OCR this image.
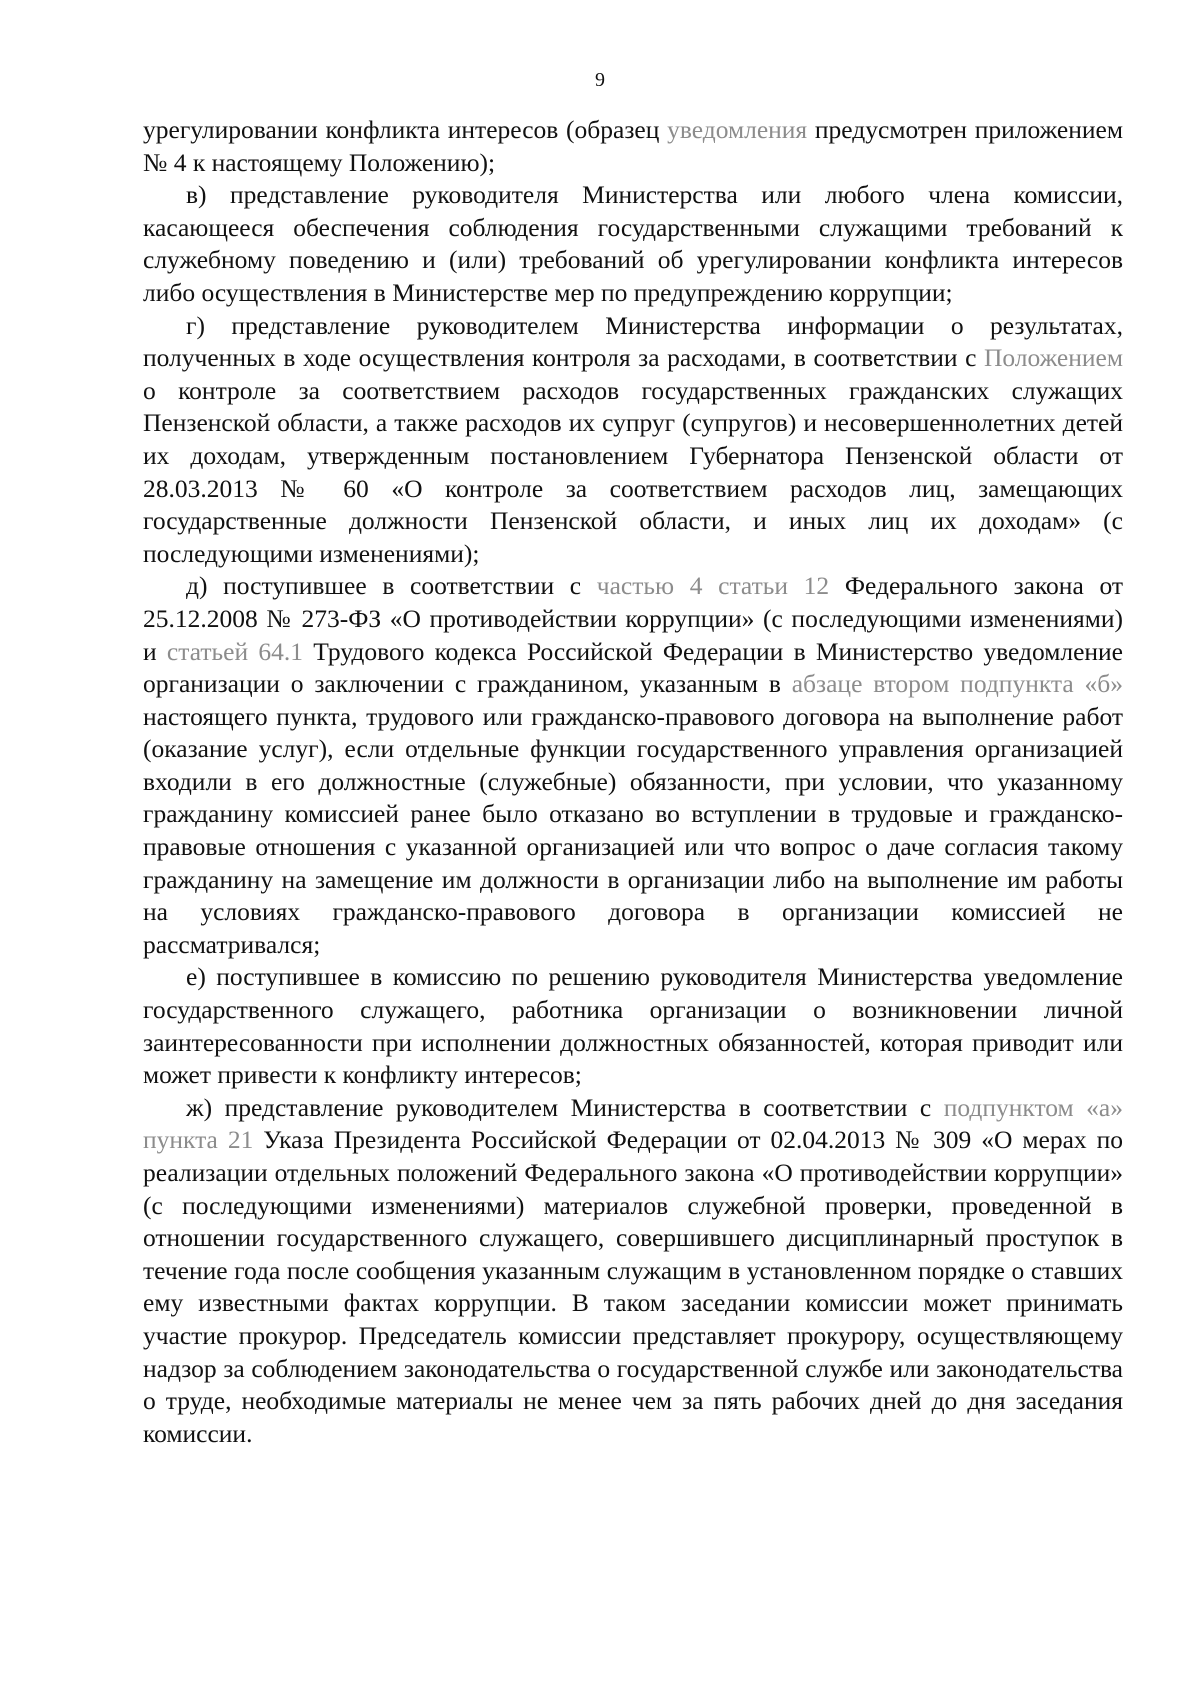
9

урегулировании конфликта интересов (образец уведомления предусмотрен приложением № 4 к настоящему Положению);

в) представление руководителя Министерства или любого члена комиссии, касающееся обеспечения соблюдения государственными служащими требований к служебному поведению и (или) требований об урегулировании конфликта интересов либо осуществления в Министерстве мер по предупреждению коррупции;

г) представление руководителем Министерства информации о результатах, полученных в ходе осуществления контроля за расходами, в соответствии с Положением о контроле за соответствием расходов государственных гражданских служащих Пензенской области, а также расходов их супруг (супругов) и несовершеннолетних детей их доходам, утвержденным постановлением Губернатора Пензенской области от 28.03.2013 № 60 «О контроле за соответствием расходов лиц, замещающих государственные должности Пензенской области, и иных лиц их доходам» (с последующими изменениями);

д) поступившее в соответствии с частью 4 статьи 12 Федерального закона от 25.12.2008 № 273-ФЗ «О противодействии коррупции» (с последующими изменениями) и статьей 64.1 Трудового кодекса Российской Федерации в Министерство уведомление организации о заключении с гражданином, указанным в абзаце втором подпункта «б» настоящего пункта, трудового или гражданско-правового договора на выполнение работ (оказание услуг), если отдельные функции государственного управления организацией входили в его должностные (служебные) обязанности, при условии, что указанному гражданину комиссией ранее было отказано во вступлении в трудовые и гражданско-правовые отношения с указанной организацией или что вопрос о даче согласия такому гражданину на замещение им должности в организации либо на выполнение им работы на условиях гражданско-правового договора в организации комиссией не рассматривался;

е) поступившее в комиссию по решению руководителя Министерства уведомление государственного служащего, работника организации о возникновении личной заинтересованности при исполнении должностных обязанностей, которая приводит или может привести к конфликту интересов;

ж) представление руководителем Министерства в соответствии с подпунктом «а» пункта 21 Указа Президента Российской Федерации от 02.04.2013 № 309 «О мерах по реализации отдельных положений Федерального закона «О противодействии коррупции» (с последующими изменениями) материалов служебной проверки, проведенной в отношении государственного служащего, совершившего дисциплинарный проступок в течение года после сообщения указанным служащим в установленном порядке о ставших ему известными фактах коррупции. В таком заседании комиссии может принимать участие прокурор. Председатель комиссии представляет прокурору, осуществляющему надзор за соблюдением законодательства о государственной службе или законодательства о труде, необходимые материалы не менее чем за пять рабочих дней до дня заседания комиссии.
